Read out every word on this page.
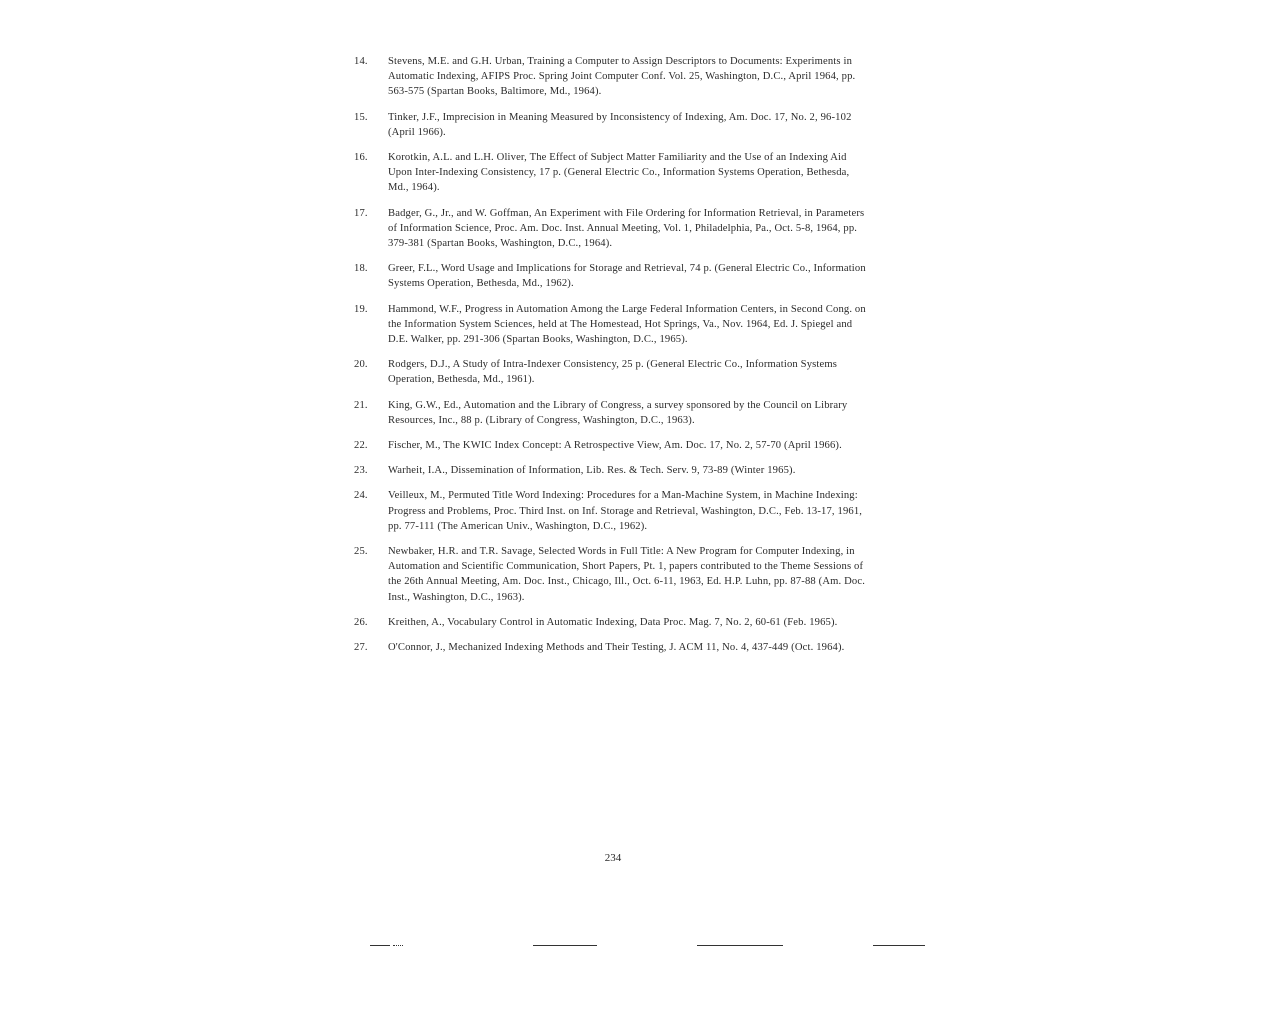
14.	Stevens, M.E. and G.H. Urban, Training a Computer to Assign Descriptors to Documents: Experiments in Automatic Indexing, AFIPS Proc. Spring Joint Computer Conf. Vol. 25, Washington, D.C., April 1964, pp. 563-575 (Spartan Books, Baltimore, Md., 1964).
15.	Tinker, J.F., Imprecision in Meaning Measured by Inconsistency of Indexing, Am. Doc. 17, No. 2, 96-102 (April 1966).
16.	Korotkin, A.L. and L.H. Oliver, The Effect of Subject Matter Familiarity and the Use of an Indexing Aid Upon Inter-Indexing Consistency, 17 p. (General Electric Co., Information Systems Operation, Bethesda, Md., 1964).
17.	Badger, G., Jr., and W. Goffman, An Experiment with File Ordering for Information Retrieval, in Parameters of Information Science, Proc. Am. Doc. Inst. Annual Meeting, Vol. 1, Philadelphia, Pa., Oct. 5-8, 1964, pp. 379-381 (Spartan Books, Washington, D.C., 1964).
18.	Greer, F.L., Word Usage and Implications for Storage and Retrieval, 74 p. (General Electric Co., Information Systems Operation, Bethesda, Md., 1962).
19.	Hammond, W.F., Progress in Automation Among the Large Federal Information Centers, in Second Cong. on the Information System Sciences, held at The Homestead, Hot Springs, Va., Nov. 1964, Ed. J. Spiegel and D.E. Walker, pp. 291-306 (Spartan Books, Washington, D.C., 1965).
20.	Rodgers, D.J., A Study of Intra-Indexer Consistency, 25 p. (General Electric Co., Information Systems Operation, Bethesda, Md., 1961).
21.	King, G.W., Ed., Automation and the Library of Congress, a survey sponsored by the Council on Library Resources, Inc., 88 p. (Library of Congress, Washington, D.C., 1963).
22.	Fischer, M., The KWIC Index Concept: A Retrospective View, Am. Doc. 17, No. 2, 57-70 (April 1966).
23.	Warheit, I.A., Dissemination of Information, Lib. Res. & Tech. Serv. 9, 73-89 (Winter 1965).
24.	Veilleux, M., Permuted Title Word Indexing: Procedures for a Man-Machine System, in Machine Indexing: Progress and Problems, Proc. Third Inst. on Inf. Storage and Retrieval, Washington, D.C., Feb. 13-17, 1961, pp. 77-111 (The American Univ., Washington, D.C., 1962).
25.	Newbaker, H.R. and T.R. Savage, Selected Words in Full Title: A New Program for Computer Indexing, in Automation and Scientific Communication, Short Papers, Pt. 1, papers contributed to the Theme Sessions of the 26th Annual Meeting, Am. Doc. Inst., Chicago, Ill., Oct. 6-11, 1963, Ed. H.P. Luhn, pp. 87-88 (Am. Doc. Inst., Washington, D.C., 1963).
26.	Kreithen, A., Vocabulary Control in Automatic Indexing, Data Proc. Mag. 7, No. 2, 60-61 (Feb. 1965).
27.	O'Connor, J., Mechanized Indexing Methods and Their Testing, J. ACM 11, No. 4, 437-449 (Oct. 1964).
234
